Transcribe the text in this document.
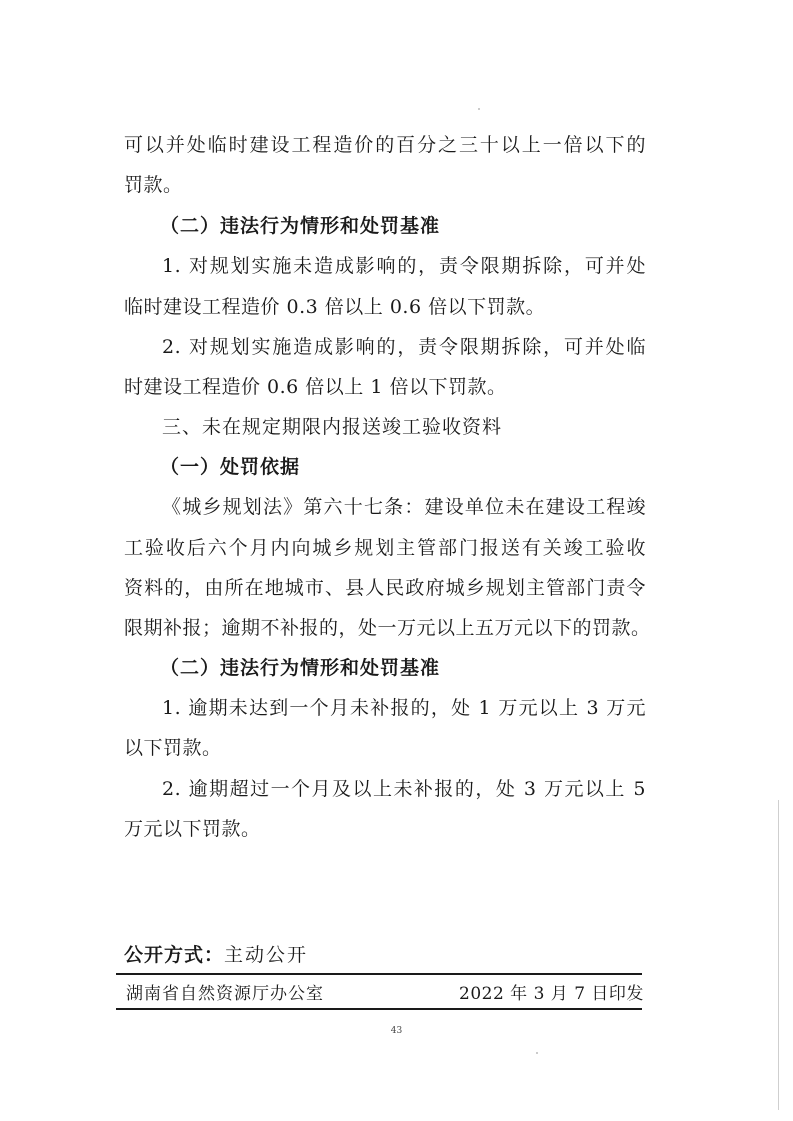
可以并处临时建设工程造价的百分之三十以上一倍以下的
罚款。
（二）违法行为情形和处罚基准
1. 对规划实施未造成影响的，责令限期拆除，可并处
临时建设工程造价 0.3 倍以上 0.6 倍以下罚款。
2. 对规划实施造成影响的，责令限期拆除，可并处临
时建设工程造价 0.6 倍以上 1 倍以下罚款。
三、未在规定期限内报送竣工验收资料
（一）处罚依据
《城乡规划法》第六十七条：建设单位未在建设工程竣
工验收后六个月内向城乡规划主管部门报送有关竣工验收
资料的，由所在地城市、县人民政府城乡规划主管部门责令
限期补报；逾期不补报的，处一万元以上五万元以下的罚款。
（二）违法行为情形和处罚基准
1. 逾期未达到一个月未补报的，处 1 万元以上 3 万元
以下罚款。
2. 逾期超过一个月及以上未补报的，处 3 万元以上 5
万元以下罚款。
公开方式：主动公开
湖南省自然资源厅办公室	2022 年 3 月 7 日印发
43
